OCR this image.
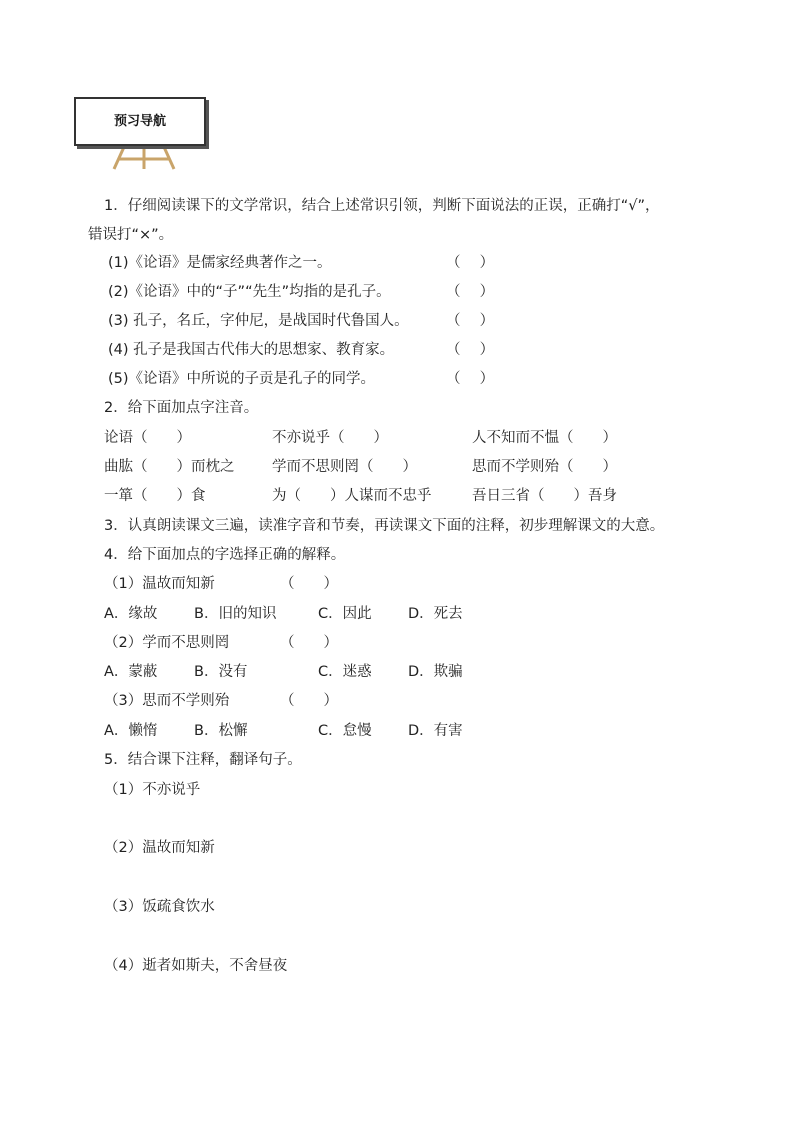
预习导航
1．仔细阅读课下的文学常识，结合上述常识引领，判断下面说法的正误，正确打“√”，
错误打“×”。
(1)《论语》是儒家经典著作之一。	（　 ）
(2)《论语》中的“子”“先生”均指的是孔子。	（　 ）
(3) 孔子，名丘，字仲尼，是战国时代鲁国人。	（　 ）
(4) 孔子是我国古代伟大的思想家、教育家。	（　 ）
(5)《论语》中所说的子贡是孔子的同学。	（　 ）
2．给下面加点字注音。
论语（　　）	不亦说乎（　　）	人不知而不愠（　　）
曲肱（　　）而枕之	学而不思则罔（　　）	思而不学则殆（　　）
一箪（　　）食	为（　　）人谋而不忠乎	吾日三省（　　）吾身
3．认真朗读课文三遍，读准字音和节奏，再读课文下面的注释，初步理解课文的大意。
4．给下面加点的字选择正确的解释。
（1）温故而知新	（　　）
A．缘故	B．旧的知识	C．因此	D．死去
（2）学而不思则罔	（　　）
A．蒙蔽	B．没有	C．迷惑	D．欺骗
（3）思而不学则殆	（　　）
A．懒惰	B．松懈	C．怠慢	D．有害
5．结合课下注释，翻译句子。
（1）不亦说乎
（2）温故而知新
（3）饭疏食饮水
（4）逝者如斯夫，不舍昼夜
